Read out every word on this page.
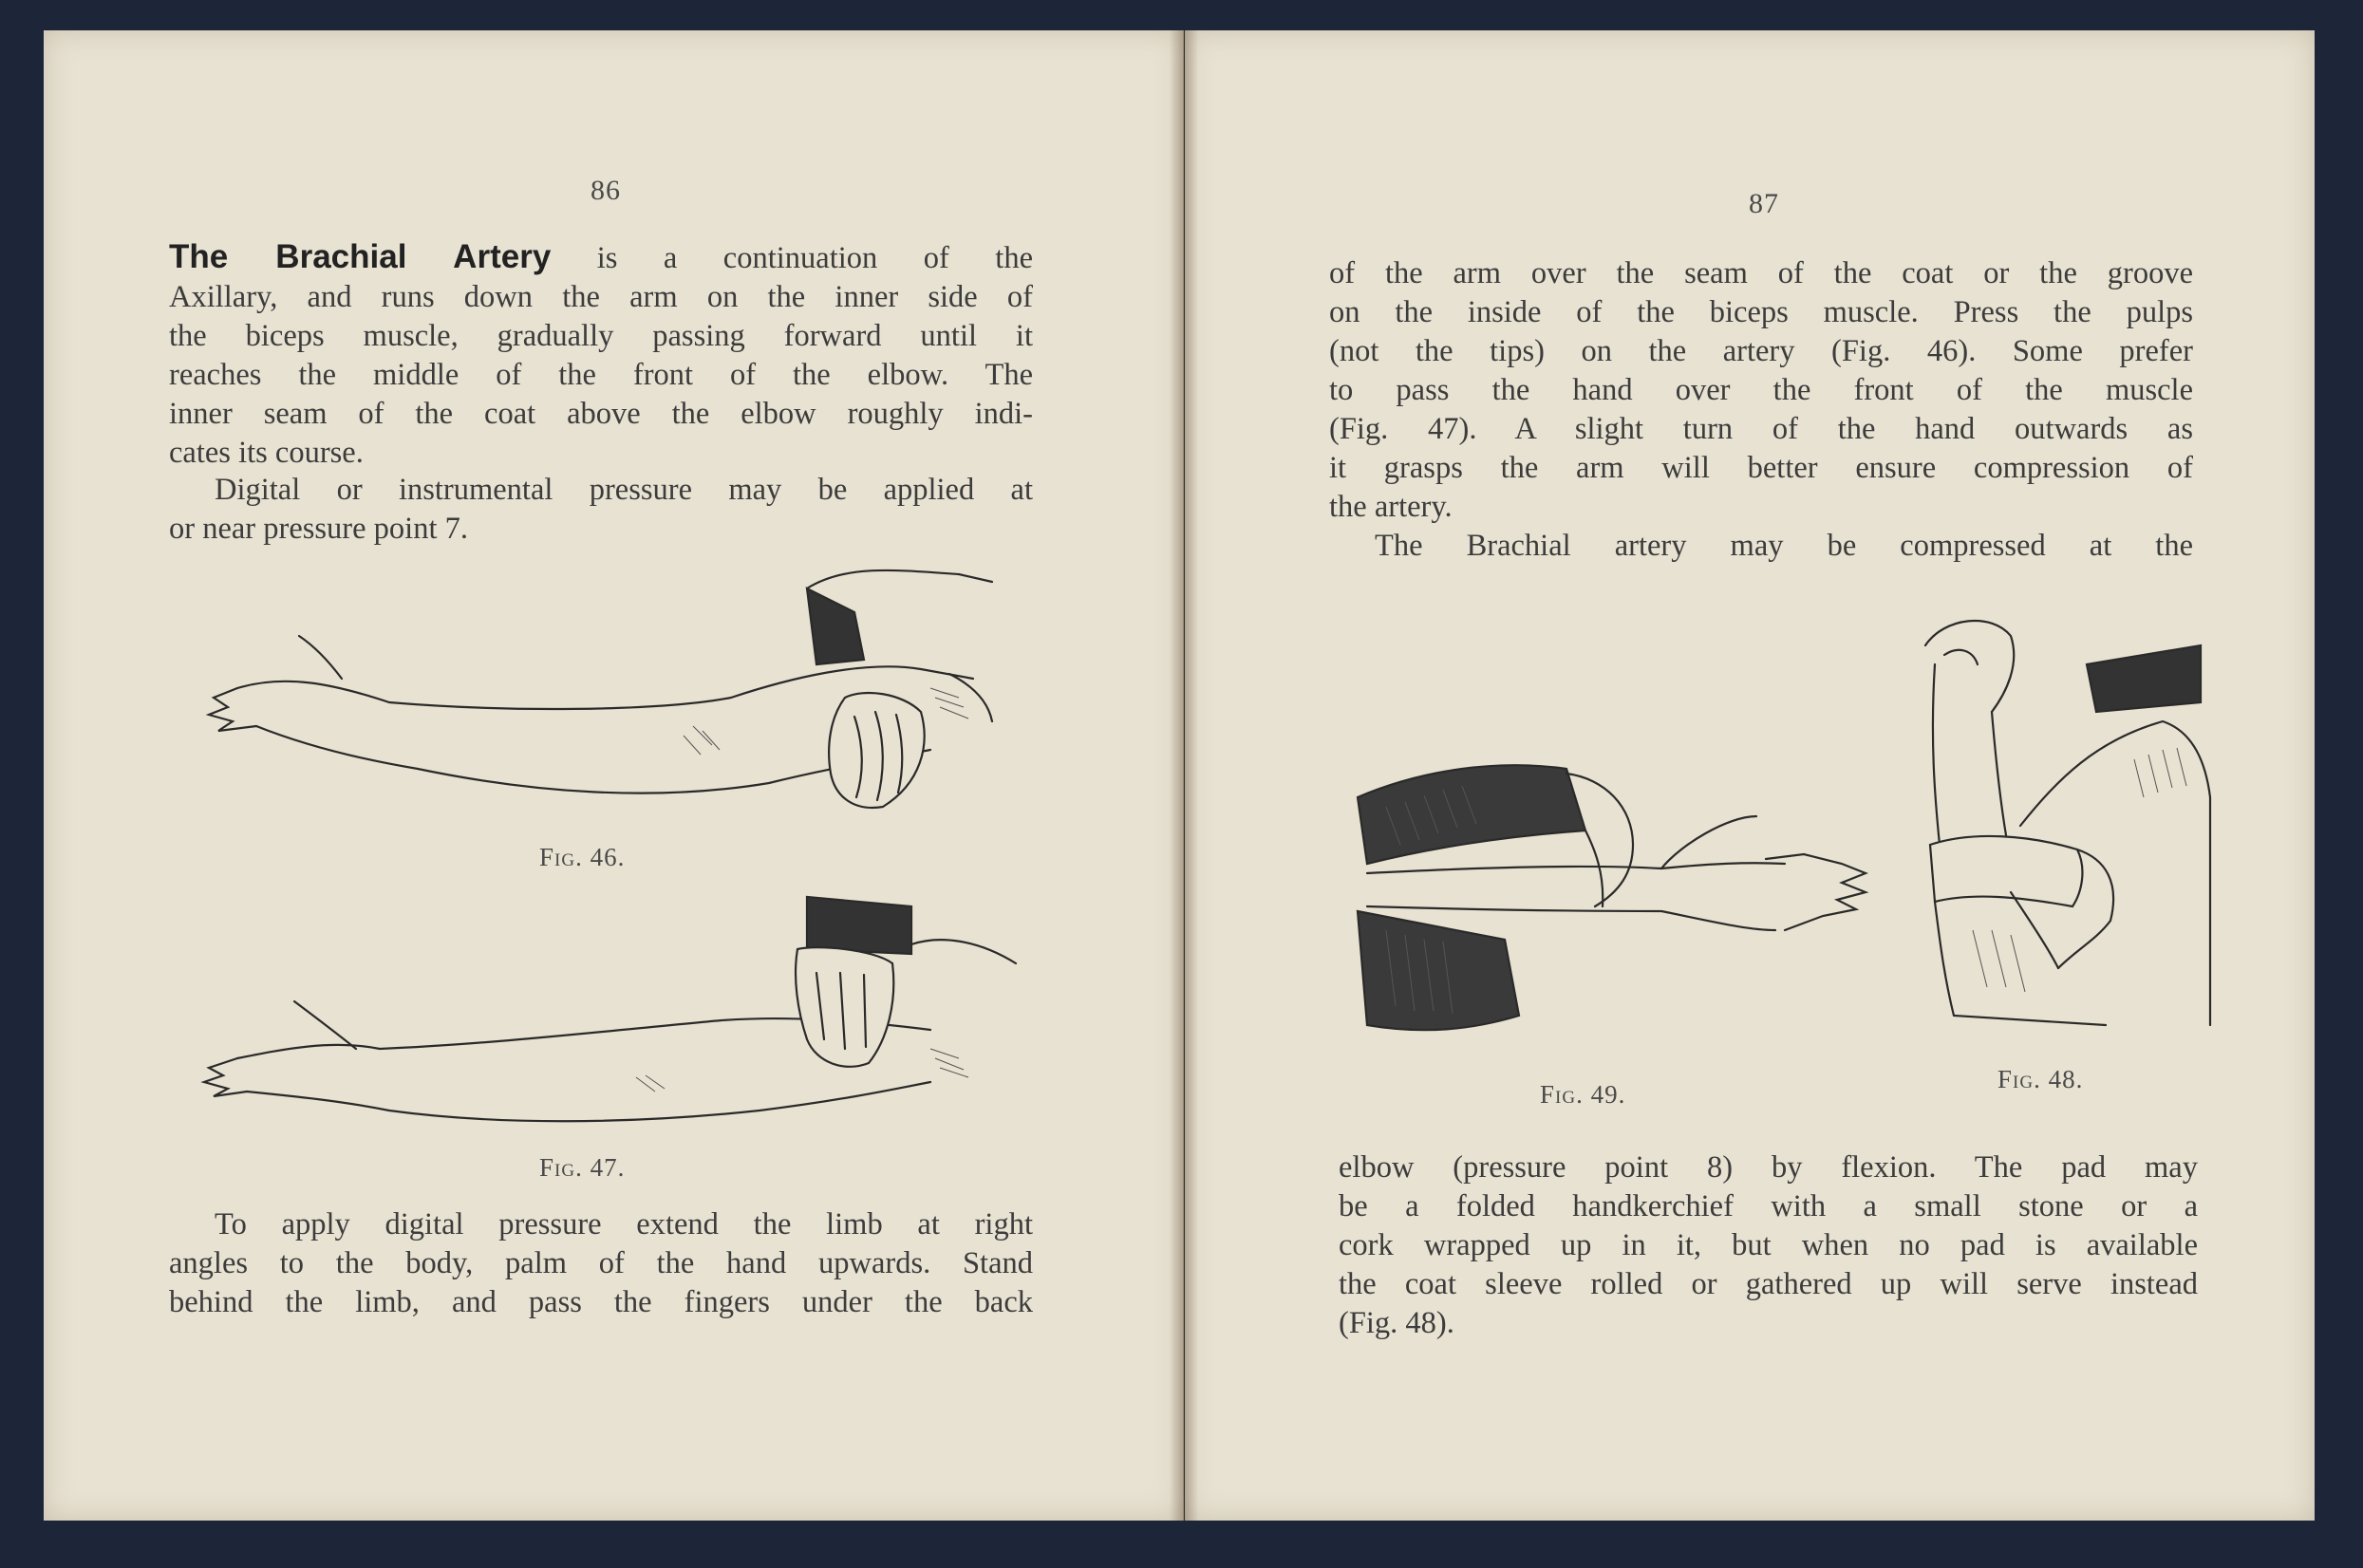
86
The Brachial Artery is a continuation of the
Axillary, and runs down the arm on the inner side of
the biceps muscle, gradually passing forward until it
reaches the middle of the front of the elbow. The
inner seam of the coat above the elbow roughly indi-
cates its course.
Digital or instrumental pressure may be applied at
or near pressure point 7.
Fig. 46.
Fig. 47.
To apply digital pressure extend the limb at right
angles to the body, palm of the hand upwards. Stand
behind the limb, and pass the fingers under the back
87
of the arm over the seam of the coat or the groove
on the inside of the biceps muscle. Press the pulps
(not the tips) on the artery (Fig. 46). Some prefer
to pass the hand over the front of the muscle
(Fig. 47). A slight turn of the hand outwards as
it grasps the arm will better ensure compression of
the artery.
The Brachial artery may be compressed at the
Fig. 49.
Fig. 48.
elbow (pressure point 8) by flexion. The pad may
be a folded handkerchief with a small stone or a
cork wrapped up in it, but when no pad is available
the coat sleeve rolled or gathered up will serve instead
(Fig. 48).
